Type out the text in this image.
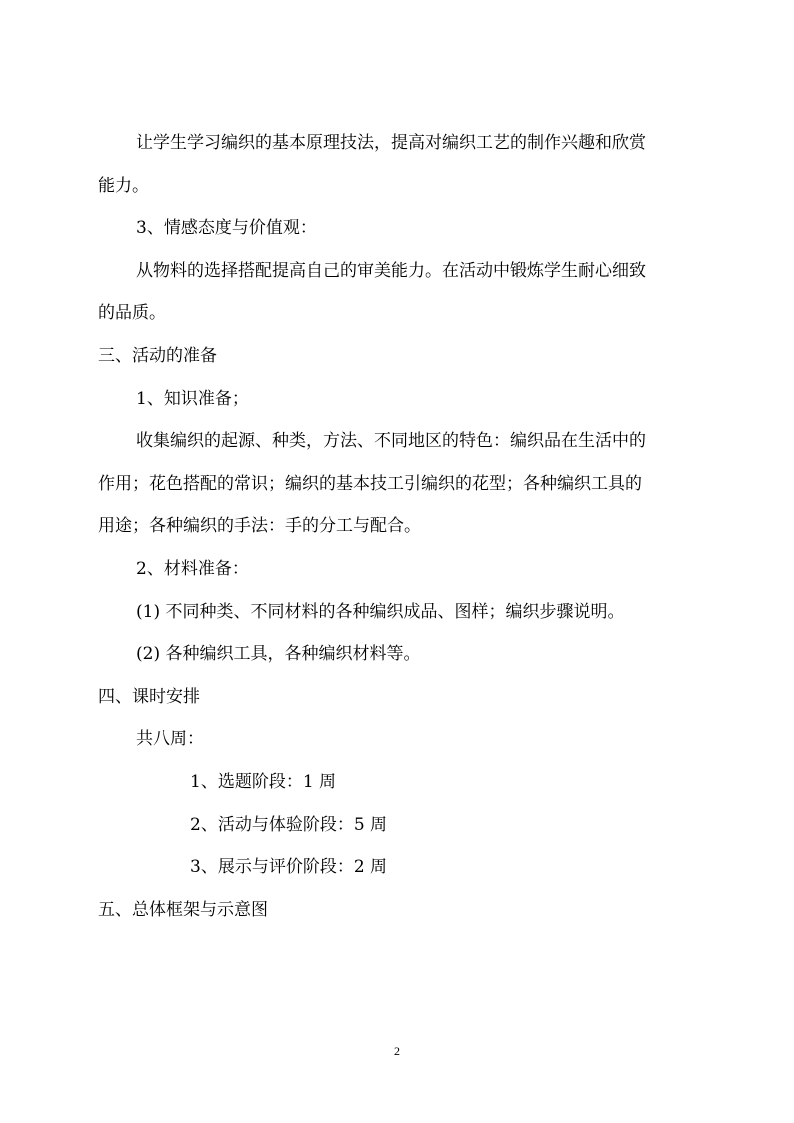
让学生学习编织的基本原理技法，提高对编织工艺的制作兴趣和欣赏
能力。
3、情感态度与价值观：
从物料的选择搭配提高自己的审美能力。在活动中锻炼学生耐心细致
的品质。
三、活动的准备
1、知识准备；
收集编织的起源、种类，方法、不同地区的特色：编织品在生活中的
作用；花色搭配的常识；编织的基本技工引编织的花型；各种编织工具的
用途；各种编织的手法：手的分工与配合。
2、材料准备：
(1) 不同种类、不同材料的各种编织成品、图样；编织步骤说明。
(2) 各种编织工具，各种编织材料等。
四、课时安排
共八周：
1、选题阶段：1 周
2、活动与体验阶段：5 周
3、展示与评价阶段：2 周
五、总体框架与示意图
2
